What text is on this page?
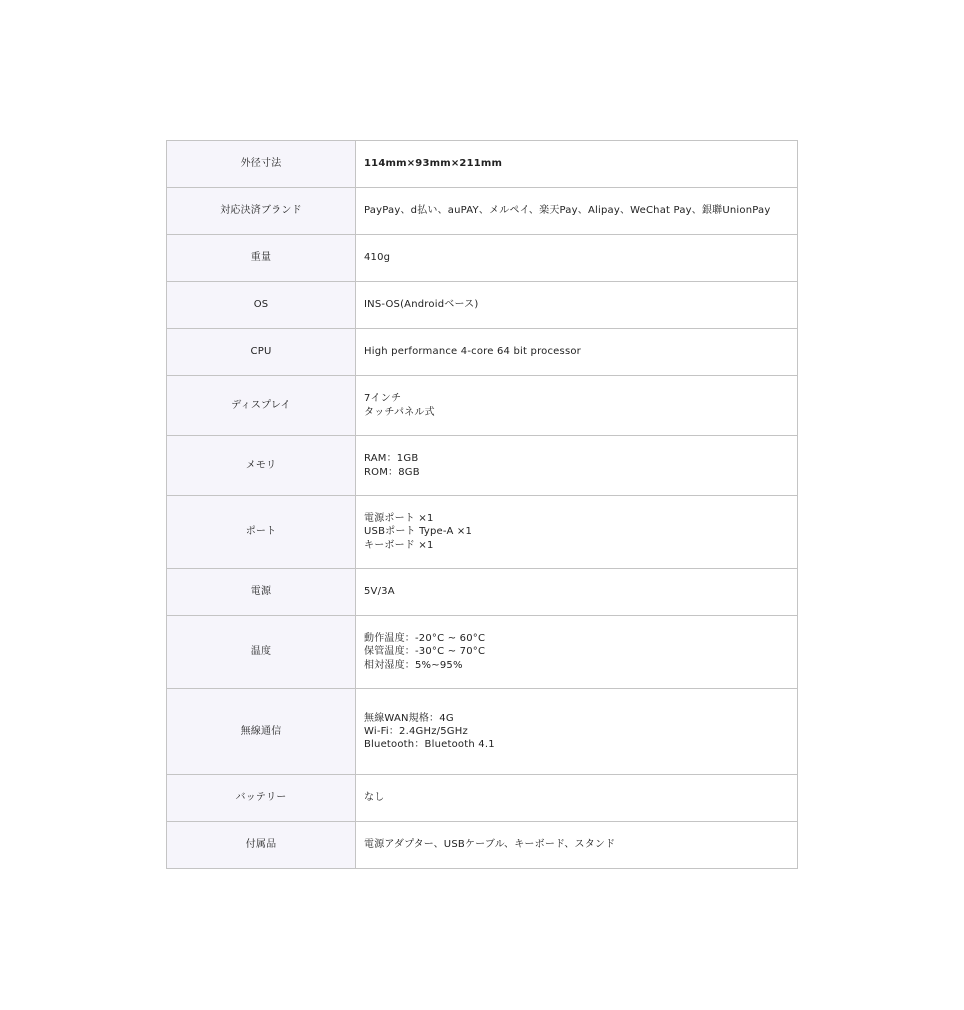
外径寸法	114mm×93mm×211mm

対応決済ブランド	PayPay、d払い、auPAY、メルペイ、楽天Pay、Alipay、WeChat Pay、銀聯UnionPay

重量	410g

OS	INS-OS(Androidベース)

CPU	High performance 4-core 64 bit processor

ディスプレイ	7インチ
タッチパネル式

メモリ	RAM：1GB
ROM：8GB

ポート	電源ポート ×1
USBポート Type-A ×1
キーボード ×1

電源	5V/3A

温度	動作温度：-20°C ~ 60°C
保管温度：-30°C ~ 70°C
相対湿度：5%~95%

無線通信	無線WAN規格：4G
Wi-Fi：2.4GHz/5GHz
Bluetooth：Bluetooth 4.1

バッテリー	なし

付属品	電源アダプター、USBケーブル、キーボード、スタンド
